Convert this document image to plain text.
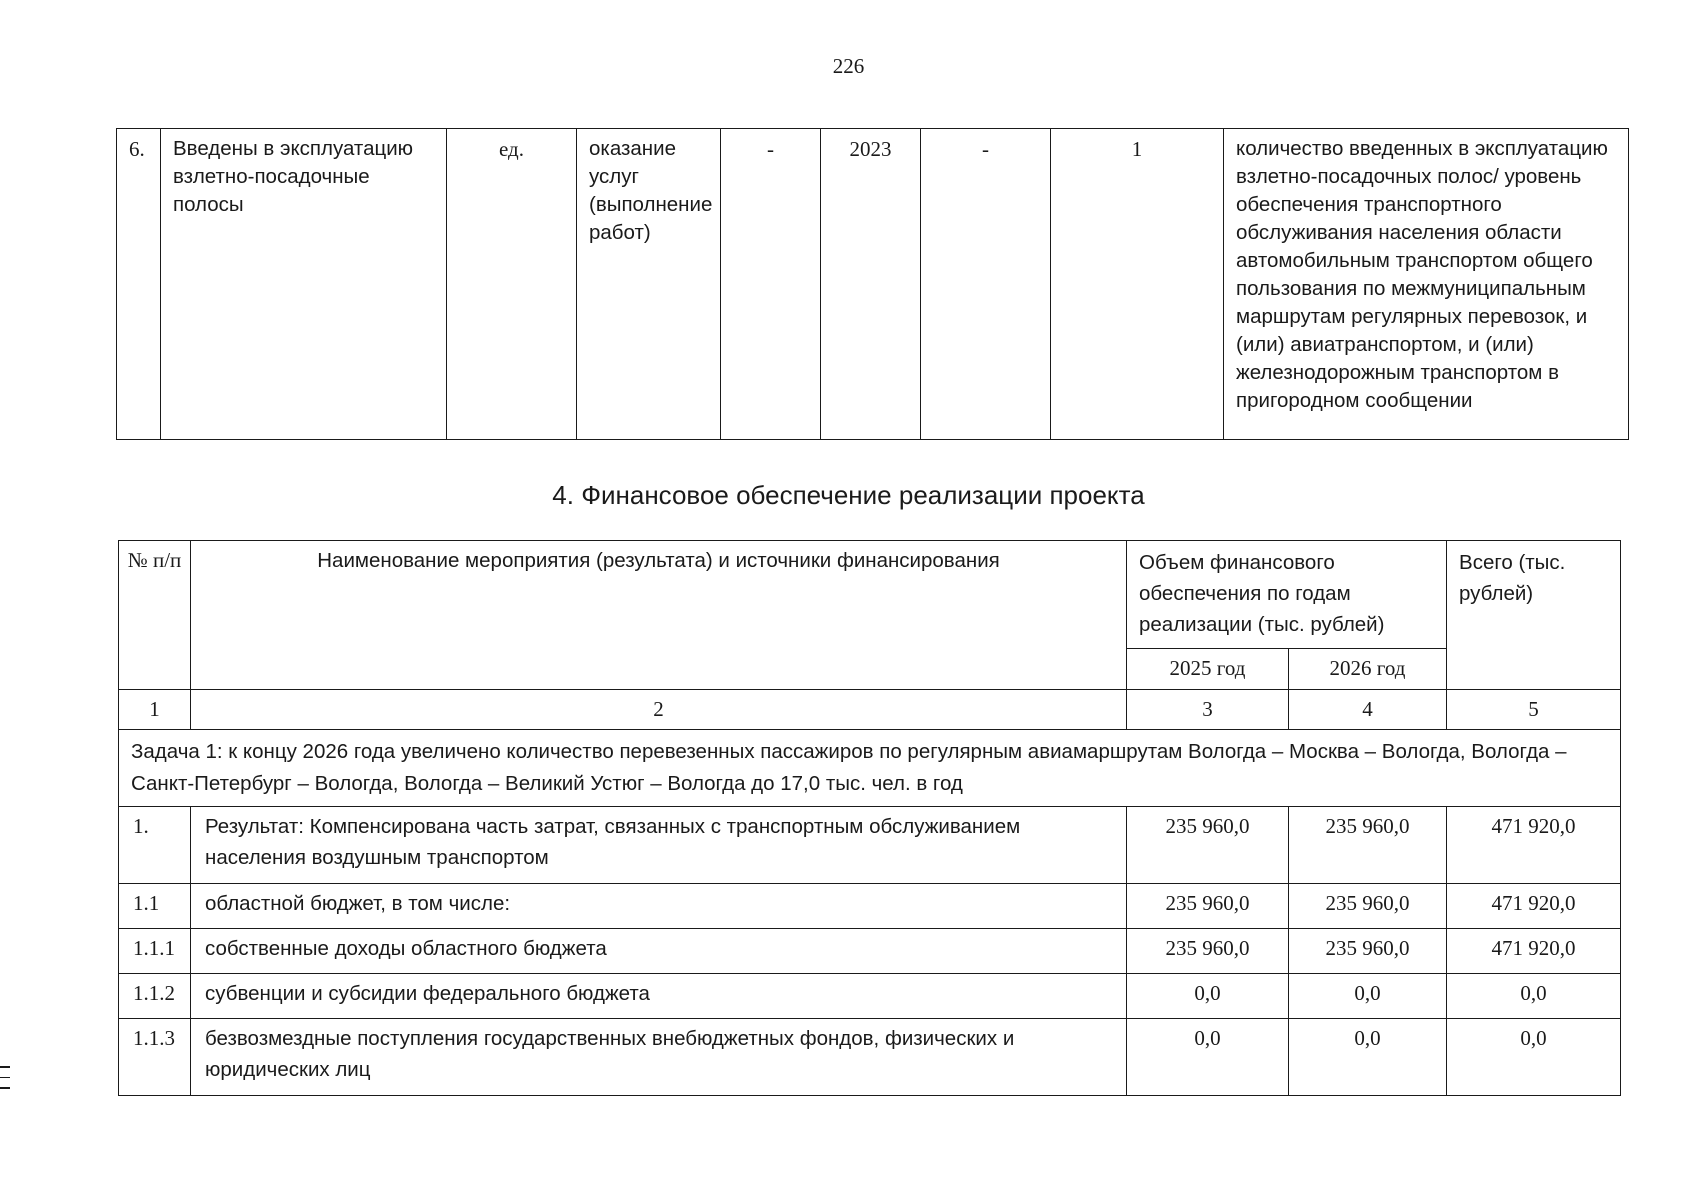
226
6.	Введены в эксплуатацию взлетно-посадочные полосы	ед.	оказание услуг (выполнение работ)	-	2023	-	1	количество введенных в эксплуатацию взлетно-посадочных полос/ уровень обеспечения транспортного обслуживания населения области автомобильным транспортом общего пользования по межмуниципальным маршрутам регулярных перевозок, и (или) авиатранспортом, и (или) железнодорожным транспортом в пригородном сообщении
4. Финансовое обеспечение реализации проекта
№ п/п	Наименование мероприятия (результата) и источники финансирования	Объем финансового обеспечения по годам реализации (тыс. рублей)		Всего (тыс. рублей)
		2025 год	2026 год	
1	2	3	4	5
Задача 1: к концу 2026 года увеличено количество перевезенных пассажиров по регулярным авиамаршрутам Вологда – Москва – Вологда, Вологда – Санкт-Петербург – Вологда, Вологда – Великий Устюг – Вологда до 17,0 тыс. чел. в год				
1.	Результат: Компенсирована часть затрат, связанных с транспортным обслуживанием населения воздушным транспортом	235 960,0	235 960,0	471 920,0
1.1	областной бюджет, в том числе:	235 960,0	235 960,0	471 920,0
1.1.1	собственные доходы областного бюджета	235 960,0	235 960,0	471 920,0
1.1.2	субвенции и субсидии федерального бюджета	0,0	0,0	0,0
1.1.3	безвозмездные поступления государственных внебюджетных фондов, физических и юридических лиц	0,0	0,0	0,0
